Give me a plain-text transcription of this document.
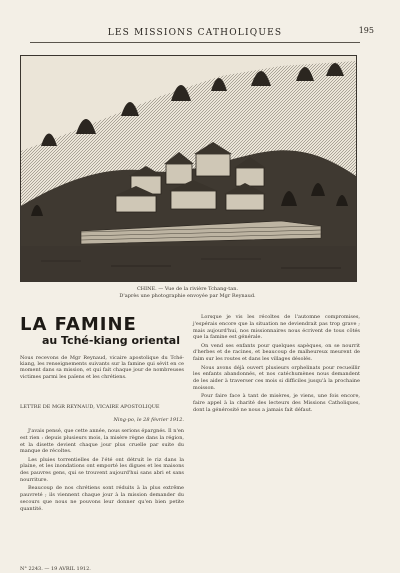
LES MISSIONS CATHOLIQUES	195
CHINE. — Vue de la rivière Tchang-tan.
D'après une photographie envoyée par Mgr Reynaud.
LA FAMINE
au Tché-kiang oriental
Nous recevons de Mgr Reynaud, vicaire apostolique du Tché-kiang, les renseignements suivants sur la famine qui sévit en ce moment dans sa mission, et qui fait chaque jour de nombreuses victimes parmi les païens et les chrétiens.
LETTRE DE MGR REYNAUD, VICAIRE APOSTOLIQUE
Ning-po, le 28 février 1912.

J'avais pensé, que cette année, nous serions épargnés. Il n'en est rien : depuis plusieurs mois, la misère règne dans la région, et la disette devient chaque jour plus cruelle par suite du manque de récoltes.

Les pluies torrentielles de l'été ont détruit le riz dans la plaine, et les inondations ont emporté les digues et les maisons des pauvres gens, qui se trouvent aujourd'hui sans abri et sans nourriture.

Beaucoup de nos chrétiens sont réduits à la plus extrême pauvreté ; ils viennent chaque jour à la mission demander du secours que nous ne pouvons leur donner qu'en bien petite quantité.

Lorsque je vis les récoltes de l'automne compromises, j'espérais encore que la situation ne deviendrait pas trop grave ; mais aujourd'hui, nos missionnaires nous écrivent de tous côtés que la famine est générale.

On vend ses enfants pour quelques sapèques, on se nourrit d'herbes et de racines, et beaucoup de malheureux meurent de faim sur les routes et dans les villages désolés.

Nous avons déjà ouvert plusieurs orphelinats pour recueillir les enfants abandonnés, et nos catéchumènes nous demandent de les aider à traverser ces mois si difficiles jusqu'à la prochaine moisson.

Pour faire face à tant de misères, je viens, une fois encore, faire appel à la charité des lecteurs des Missions Catholiques, dont la générosité ne nous a jamais fait défaut.

N° 2243. — 19 AVRIL 1912.
